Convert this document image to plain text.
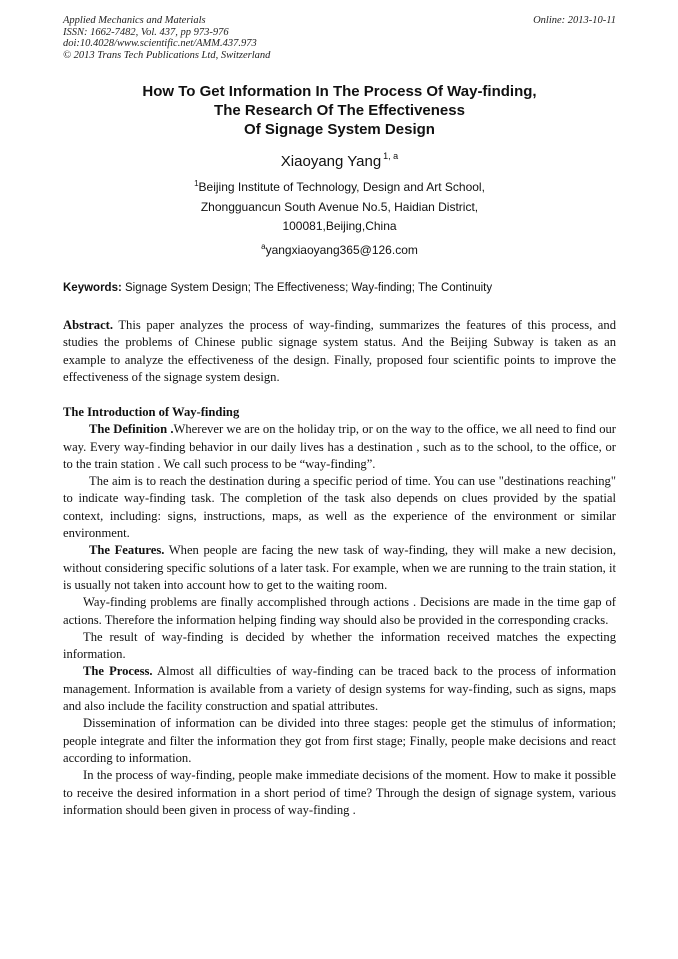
Applied Mechanics and Materials
ISSN: 1662-7482, Vol. 437, pp 973-976
doi:10.4028/www.scientific.net/AMM.437.973
© 2013 Trans Tech Publications Ltd, Switzerland
Online: 2013-10-11
How To Get Information In The Process Of Way-finding,
The Research Of The Effectiveness
Of Signage System Design
Xiaoyang Yang $^{1, a}$
$^1$Beijing Institute of Technology, Design and Art School,
Zhongguancun South Avenue No.5, Haidian District,
100081,Beijing,China
$^a$yangxiaoyang365@126.com
Keywords: Signage System Design; The Effectiveness; Way-finding; The Continuity

Abstract. This paper analyzes the process of way-finding, summarizes the features of this process, and studies the problems of Chinese public signage system status. And the Beijing Subway is taken as an example to analyze the effectiveness of the design. Finally, proposed four scientific points to improve the effectiveness of the signage system design.

The Introduction of Way-finding

The Definition .Wherever we are on the holiday trip, or on the way to the office, we all need to find our way. Every way-finding behavior in our daily lives has a destination , such as to the school, to the office, or to the train station . We call such process to be “way-finding”.

The aim is to reach the destination during a specific period of time. You can use "destinations reaching" to indicate way-finding task. The completion of the task also depends on clues provided by the spatial context, including: signs, instructions, maps, as well as the experience of the environment or similar environment.

The Features. When people are facing the new task of way-finding, they will make a new decision, without considering specific solutions of a later task. For example, when we are running to the train station, it is usually not taken into account how to get to the waiting room.

Way-finding problems are finally accomplished through actions . Decisions are made in the time gap of actions. Therefore the information helping finding way should also be provided in the corresponding cracks.

The result of way-finding is decided by whether the information received matches the expecting information.

The Process. Almost all difficulties of way-finding can be traced back to the process of information management. Information is available from a variety of design systems for way-finding, such as signs, maps and also include the facility construction and spatial attributes.

Dissemination of information can be divided into three stages: people get the stimulus of information; people integrate and filter the information they got from first stage; Finally, people make decisions and react according to information.

In the process of way-finding, people make immediate decisions of the moment. How to make it possible to receive the desired information in a short period of time? Through the design of signage system, various information should been given in process of way-finding .
